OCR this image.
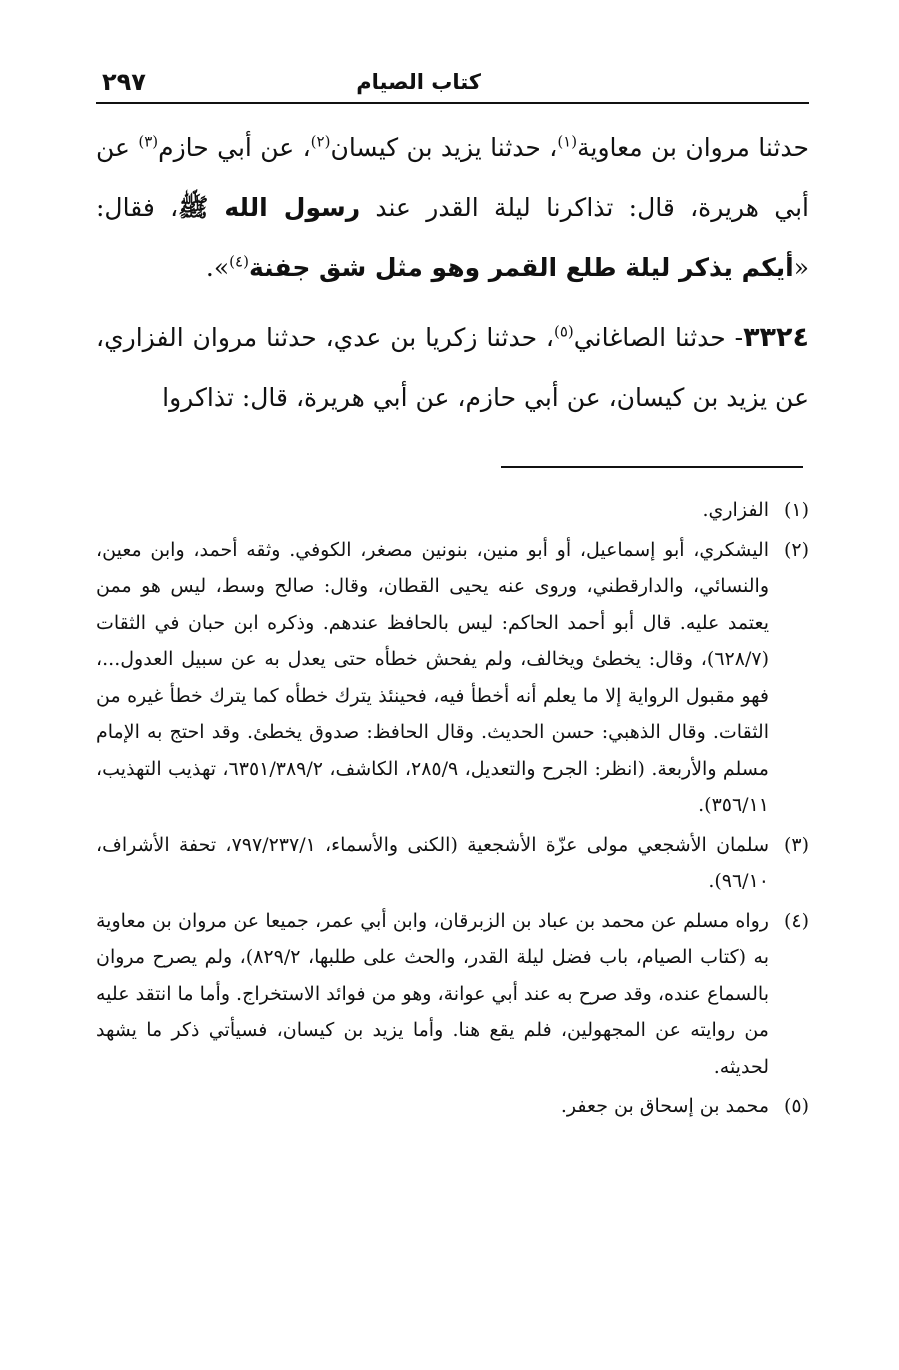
كتاب الصيام
٢٩٧

حدثنا مروان بن معاوية$^{(١)}$، حدثنا يزيد بن كيسان$^{(٢)}$، عن أبي حازم$^{(٣)}$ عن أبي هريرة، قال: تذاكرنا ليلة القدر عند رسول الله ﷺ، فقال: «أيكم يذكر ليلة طلع القمر وهو مثل شق جفنة$^{(٤)}$».

٣٣٢٤- حدثنا الصاغاني$^{(٥)}$، حدثنا زكريا بن عدي، حدثنا مروان الفزاري، عن يزيد بن كيسان، عن أبي حازم، عن أبي هريرة، قال: تذاكروا

(١)
الفزاري.
(٢)
اليشكري، أبو إسماعيل، أو أبو منين، بنونين مصغر، الكوفي. وثقه أحمد، وابن معين، والنسائي، والدارقطني، وروى عنه يحيى القطان، وقال: صالح وسط، ليس هو ممن يعتمد عليه. قال أبو أحمد الحاكم: ليس بالحافظ عندهم. وذكره ابن حبان في الثقات (٦٢٨/٧)، وقال: يخطئ ويخالف، ولم يفحش خطأه حتى يعدل به عن سبيل العدول...، فهو مقبول الرواية إلا ما يعلم أنه أخطأ فيه، فحينئذ يترك خطأه كما يترك خطأ غيره من الثقات. وقال الذهبي: حسن الحديث. وقال الحافظ: صدوق يخطئ. وقد احتج به الإمام مسلم والأربعة. (انظر: الجرح والتعديل، ٢٨٥/٩، الكاشف، ٦٣٥١/٣٨٩/٢، تهذيب التهذيب، ٣٥٦/١١).
(٣)
سلمان الأشجعي مولى عزّة الأشجعية (الكنى والأسماء، ٧٩٧/٢٣٧/١، تحفة الأشراف، ٩٦/١٠).
(٤)
رواه مسلم عن محمد بن عباد بن الزبرقان، وابن أبي عمر، جميعا عن مروان بن معاوية به (كتاب الصيام، باب فضل ليلة القدر، والحث على طلبها، ٨٢٩/٢)، ولم يصرح مروان بالسماع عنده، وقد صرح به عند أبي عوانة، وهو من فوائد الاستخراج. وأما ما انتقد عليه من روايته عن المجهولين، فلم يقع هنا. وأما يزيد بن كيسان، فسيأتي ذكر ما يشهد لحديثه.
(٥)
محمد بن إسحاق بن جعفر.
